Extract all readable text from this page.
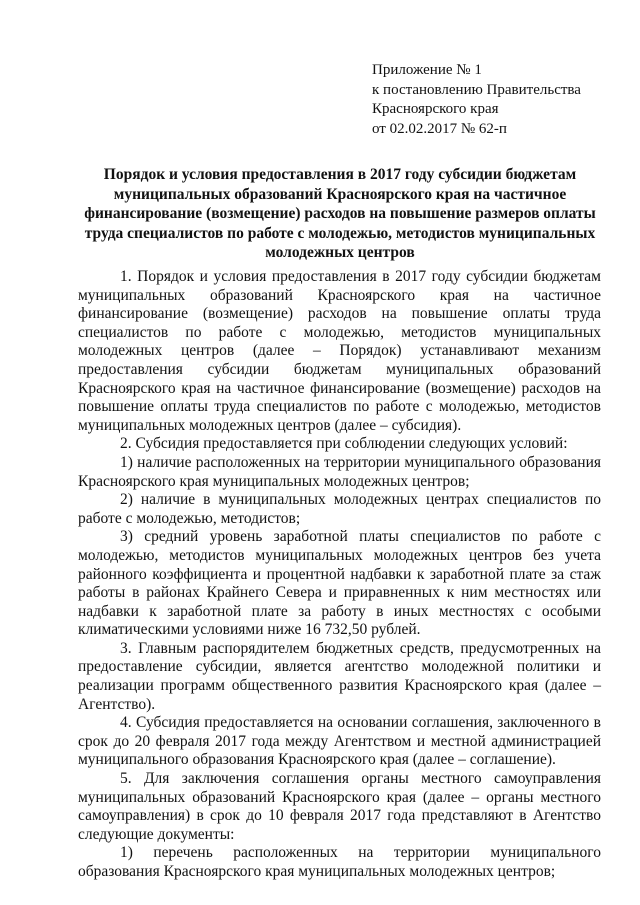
Приложение № 1
к постановлению Правительства
Красноярского края
от 02.02.2017 № 62-п
Порядок и условия предоставления в 2017 году субсидии бюджетам муниципальных образований Красноярского края на частичное финансирование (возмещение) расходов на повышение размеров оплаты труда специалистов по работе с молодежью, методистов муниципальных молодежных центров

1. Порядок и условия предоставления в 2017 году субсидии бюджетам муниципальных образований Красноярского края на частичное финансирование (возмещение) расходов на повышение оплаты труда специалистов по работе с молодежью, методистов муниципальных молодежных центров (далее – Порядок) устанавливают механизм предоставления субсидии бюджетам муниципальных образований Красноярского края на частичное финансирование (возмещение) расходов на повышение оплаты труда специалистов по работе с молодежью, методистов муниципальных молодежных центров (далее – субсидия).

2. Субсидия предоставляется при соблюдении следующих условий:

1) наличие расположенных на территории муниципального образования Красноярского края муниципальных молодежных центров;

2) наличие в муниципальных молодежных центрах специалистов по работе с молодежью, методистов;

3) средний уровень заработной платы специалистов по работе с молодежью, методистов муниципальных молодежных центров без учета районного коэффициента и процентной надбавки к заработной плате за стаж работы в районах Крайнего Севера и приравненных к ним местностях или надбавки к заработной плате за работу в иных местностях с особыми климатическими условиями ниже 16 732,50 рублей.

3. Главным распорядителем бюджетных средств, предусмотренных на предоставление субсидии, является агентство молодежной политики и реализации программ общественного развития Красноярского края (далее – Агентство).

4. Субсидия предоставляется на основании соглашения, заключенного в срок до 20 февраля 2017 года между Агентством и местной администрацией муниципального образования Красноярского края (далее – соглашение).

5. Для заключения соглашения органы местного самоуправления муниципальных образований Красноярского края (далее – органы местного самоуправления) в срок до 10 февраля 2017 года представляют в Агентство следующие документы:

1) перечень расположенных на территории муниципального образования Красноярского края муниципальных молодежных центров;
